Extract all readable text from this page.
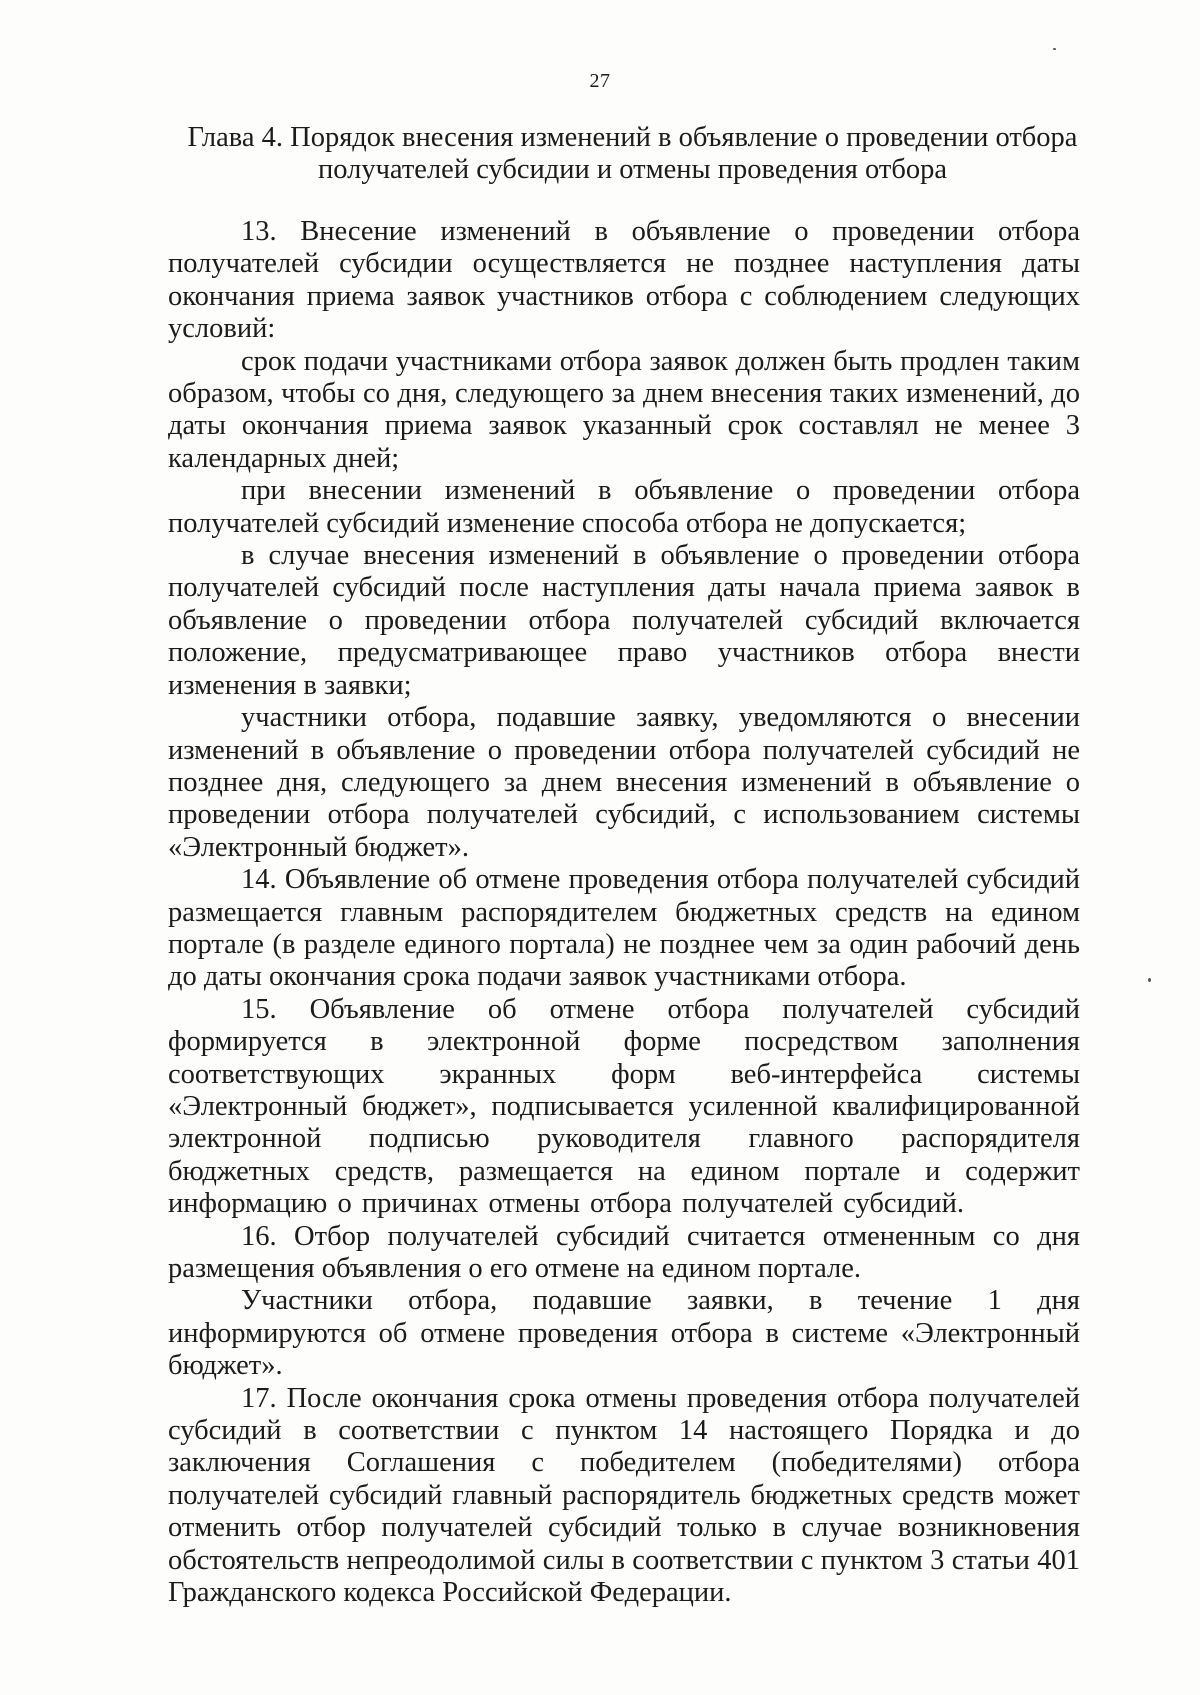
27
Глава 4. Порядок внесения изменений в объявление о проведении отбора
получателей субсидии и отмены проведения отбора

13. Внесение изменений в объявление о проведении отбора получателей субсидии осуществляется не позднее наступления даты окончания приема заявок участников отбора с соблюдением следующих условий:

срок подачи участниками отбора заявок должен быть продлен таким образом, чтобы со дня, следующего за днем внесения таких изменений, до даты окончания приема заявок указанный срок составлял не менее 3 календарных дней;

при внесении изменений в объявление о проведении отбора получателей субсидий изменение способа отбора не допускается;

в случае внесения изменений в объявление о проведении отбора получателей субсидий после наступления даты начала приема заявок в объявление о проведении отбора получателей субсидий включается положение, предусматривающее право участников отбора внести изменения в заявки;

участники отбора, подавшие заявку, уведомляются о внесении изменений в объявление о проведении отбора получателей субсидий не позднее дня, следующего за днем внесения изменений в объявление о проведении отбора получателей субсидий, с использованием системы «Электронный бюджет».

14. Объявление об отмене проведения отбора получателей субсидий размещается главным распорядителем бюджетных средств на едином портале (в разделе единого портала) не позднее чем за один рабочий день до даты окончания срока подачи заявок участниками отбора.

15. Объявление об отмене отбора получателей субсидий формируется в электронной форме посредством заполнения соответствующих экранных форм веб-интерфейса системы «Электронный бюджет», подписывается усиленной квалифицированной электронной подписью руководителя главного распорядителя бюджетных средств, размещается на едином портале и содержит информацию о причинах отмены отбора получателей субсидий.

16. Отбор получателей субсидий считается отмененным со дня размещения объявления о его отмене на едином портале.

Участники отбора, подавшие заявки, в течение 1 дня информируются об отмене проведения отбора в системе «Электронный бюджет».

17. После окончания срока отмены проведения отбора получателей субсидий в соответствии с пунктом 14 настоящего Порядка и до заключения Соглашения с победителем (победителями) отбора получателей субсидий главный распорядитель бюджетных средств может отменить отбор получателей субсидий только в случае возникновения обстоятельств непреодолимой силы в соответствии с пунктом 3 статьи 401 Гражданского кодекса Российской Федерации.
